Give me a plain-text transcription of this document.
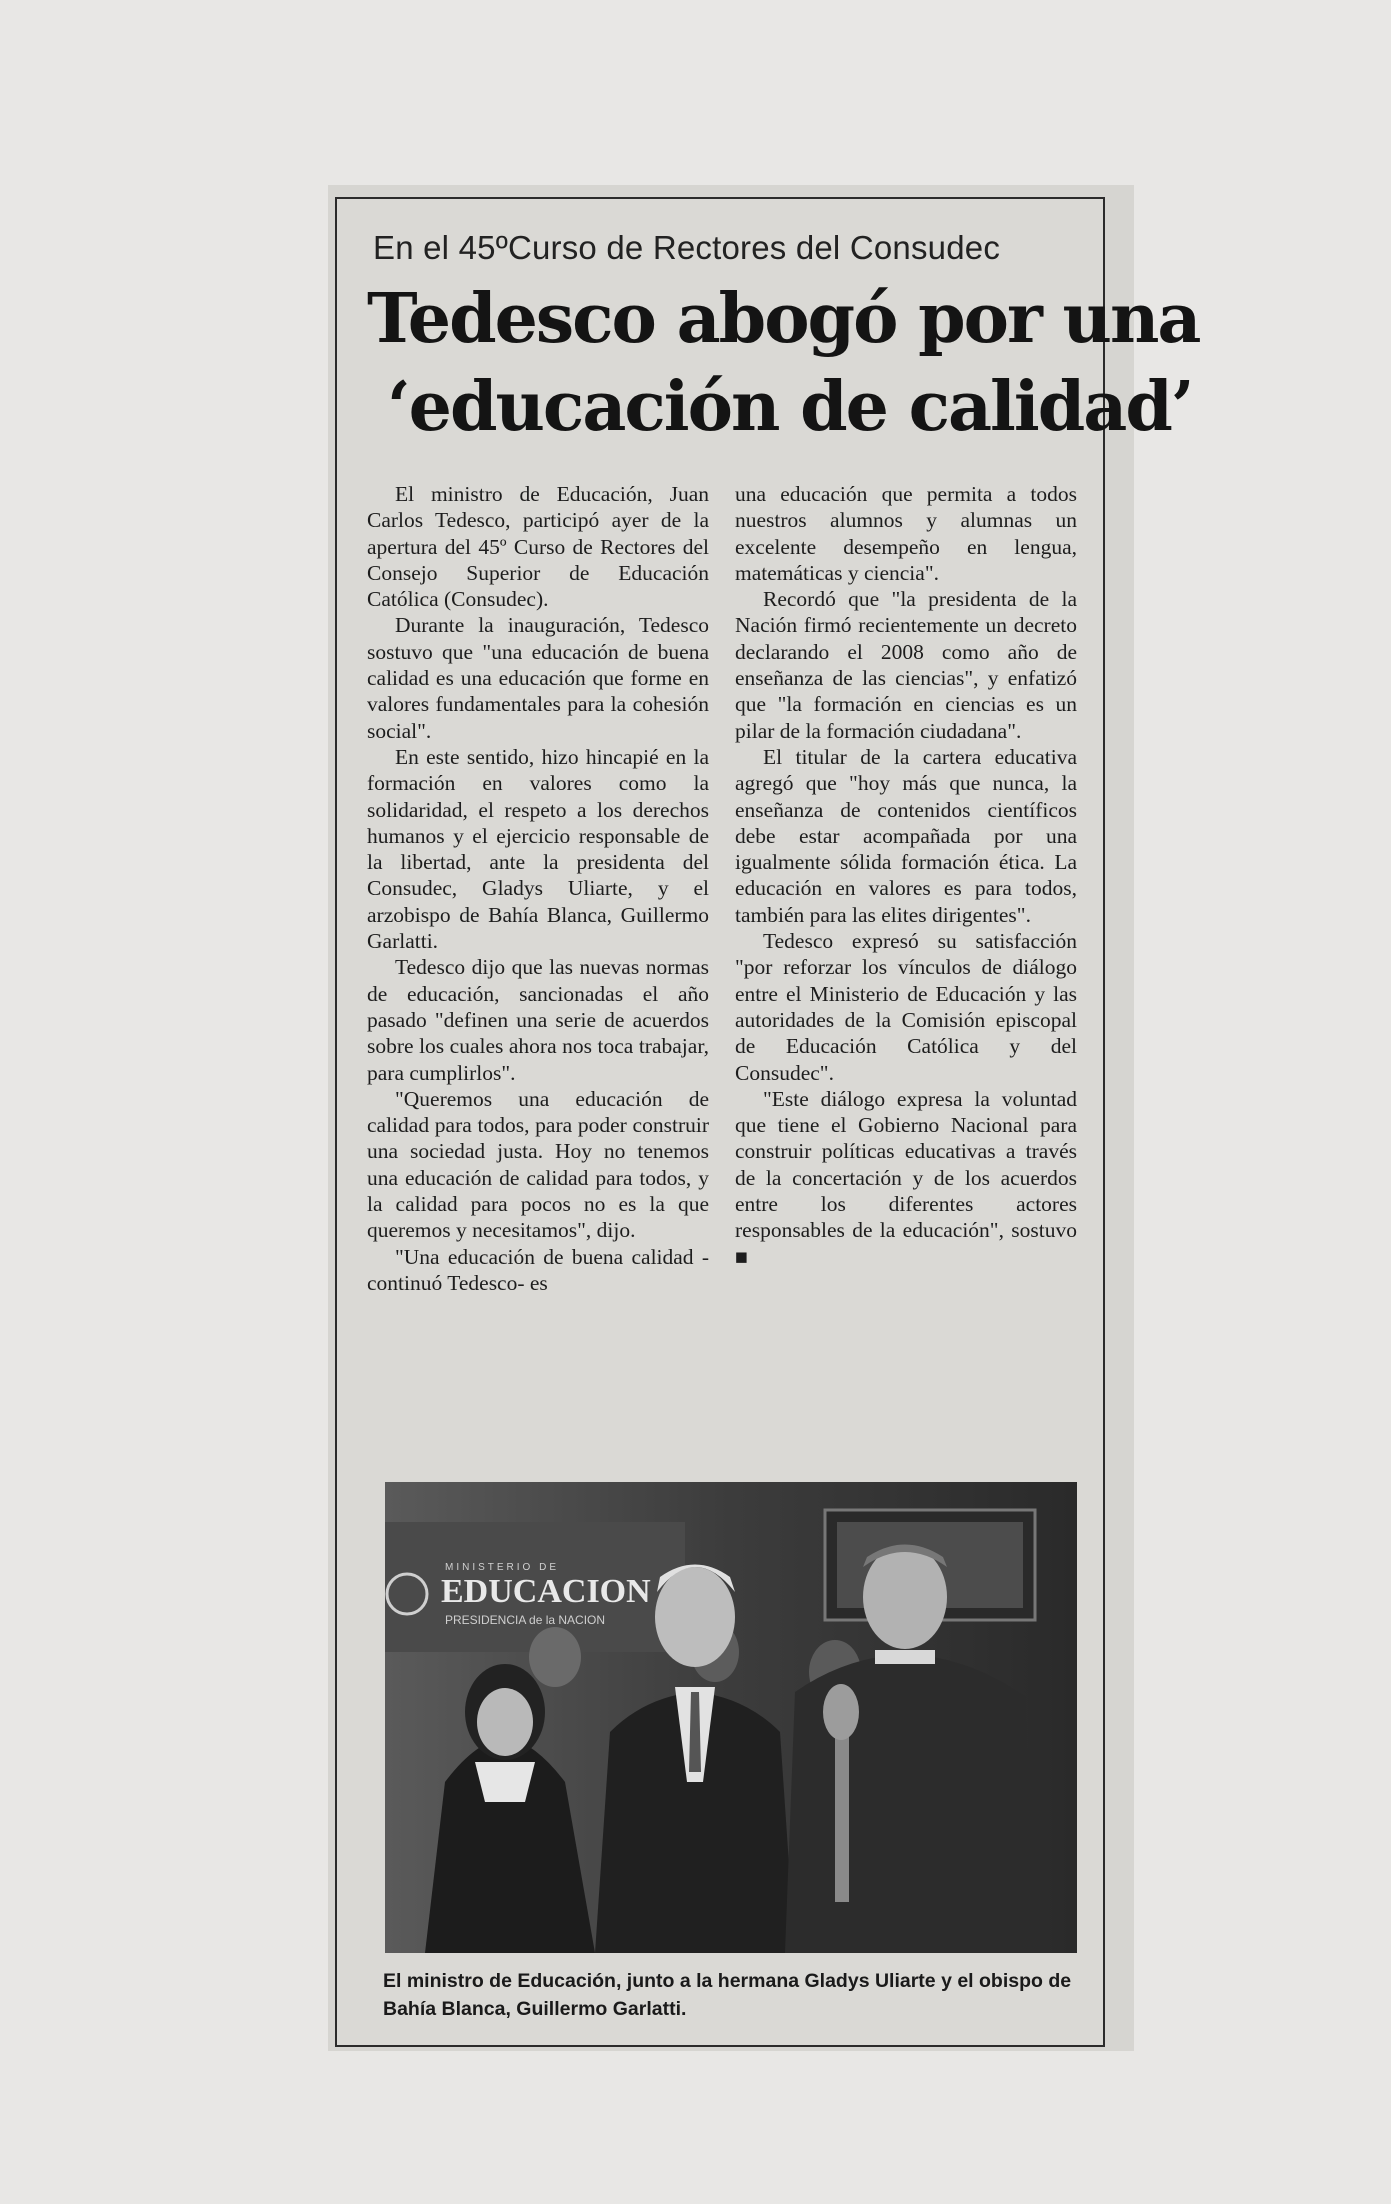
En el 45ºCurso de Rectores del Consudec
Tedesco abogó por una
‘educación de calidad’

El ministro de Educación, Juan Carlos Tedesco, participó ayer de la apertura del 45º Curso de Rectores del Consejo Superior de Educación Católica (Consudec).

Durante la inauguración, Tedesco sostuvo que "una educación de buena calidad es una educación que forme en valores fundamentales para la cohesión social".

En este sentido, hizo hincapié en la formación en valores como la solidaridad, el respeto a los derechos humanos y el ejercicio responsable de la libertad, ante la presidenta del Consudec, Gladys Uliarte, y el arzobispo de Bahía Blanca, Guillermo Garlatti.

Tedesco dijo que las nuevas normas de educación, sancionadas el año pasado "definen una serie de acuerdos sobre los cuales ahora nos toca trabajar, para cumplirlos".

"Queremos una educación de calidad para todos, para poder construir una sociedad justa. Hoy no tenemos una educación de calidad para todos, y la calidad para pocos no es la que queremos y necesitamos", dijo.

"Una educación de buena calidad -continuó Tedesco- es

una educación que permita a todos nuestros alumnos y alumnas un excelente desempeño en lengua, matemáticas y ciencia".

Recordó que "la presidenta de la Nación firmó recientemente un decreto declarando el 2008 como año de enseñanza de las ciencias", y enfatizó que "la formación en ciencias es un pilar de la formación ciudadana".

El titular de la cartera educativa agregó que "hoy más que nunca, la enseñanza de contenidos científicos debe estar acompañada por una igualmente sólida formación ética. La educación en valores es para todos, también para las elites dirigentes".

Tedesco expresó su satisfacción "por reforzar los vínculos de diálogo entre el Ministerio de Educación y las autoridades de la Comisión episcopal de Educación Católica y del Consudec".

"Este diálogo expresa la voluntad que tiene el Gobierno Nacional para construir políticas educativas a través de la concertación y de los acuerdos entre los diferentes actores responsables de la educación", sostuvo ■

MINISTERIO DE
EDUCACION
PRESIDENCIA de la NACION
El ministro de Educación, junto a la hermana Gladys Uliarte y el obispo de Bahía Blanca, Guillermo Garlatti.
